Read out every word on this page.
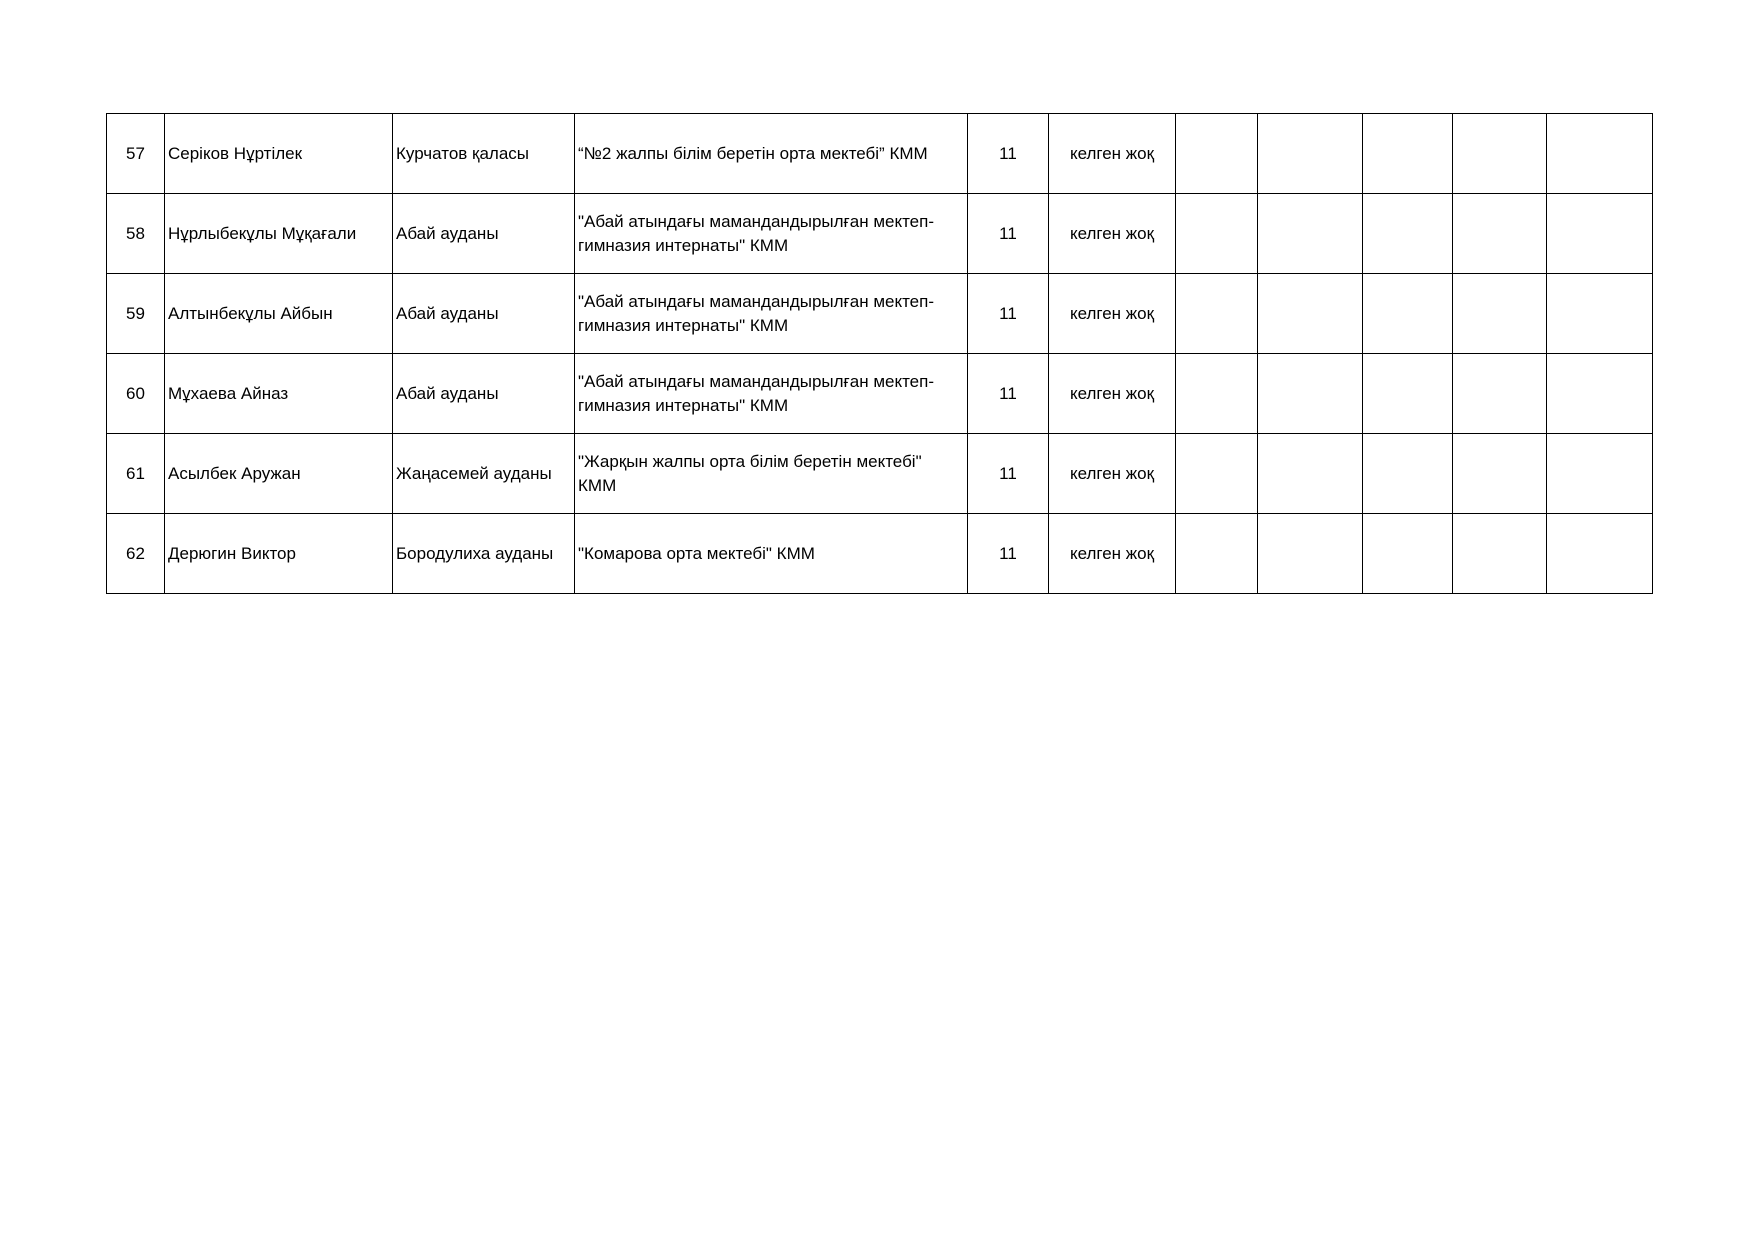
57	Серіков Нұртілек	Курчатов қаласы	“№2 жалпы білім беретін орта мектебі” КММ	11	келген жоқ					
58	Нұрлыбекұлы Мұқағали	Абай ауданы	"Абай атындағы мамандандырылған мектеп-гимназия интернаты" КММ	11	келген жоқ					
59	Алтынбекұлы Айбын	Абай ауданы	"Абай атындағы мамандандырылған мектеп-гимназия интернаты" КММ	11	келген жоқ					
60	Мұхаева Айназ	Абай ауданы	"Абай атындағы мамандандырылған мектеп-гимназия интернаты" КММ	11	келген жоқ					
61	Асылбек Аружан	Жаңасемей ауданы	"Жарқын жалпы орта білім беретін мектебі" КММ	11	келген жоқ					
62	Дерюгин Виктор	Бородулиха ауданы	"Комарова орта мектебі" КММ	11	келген жоқ					
